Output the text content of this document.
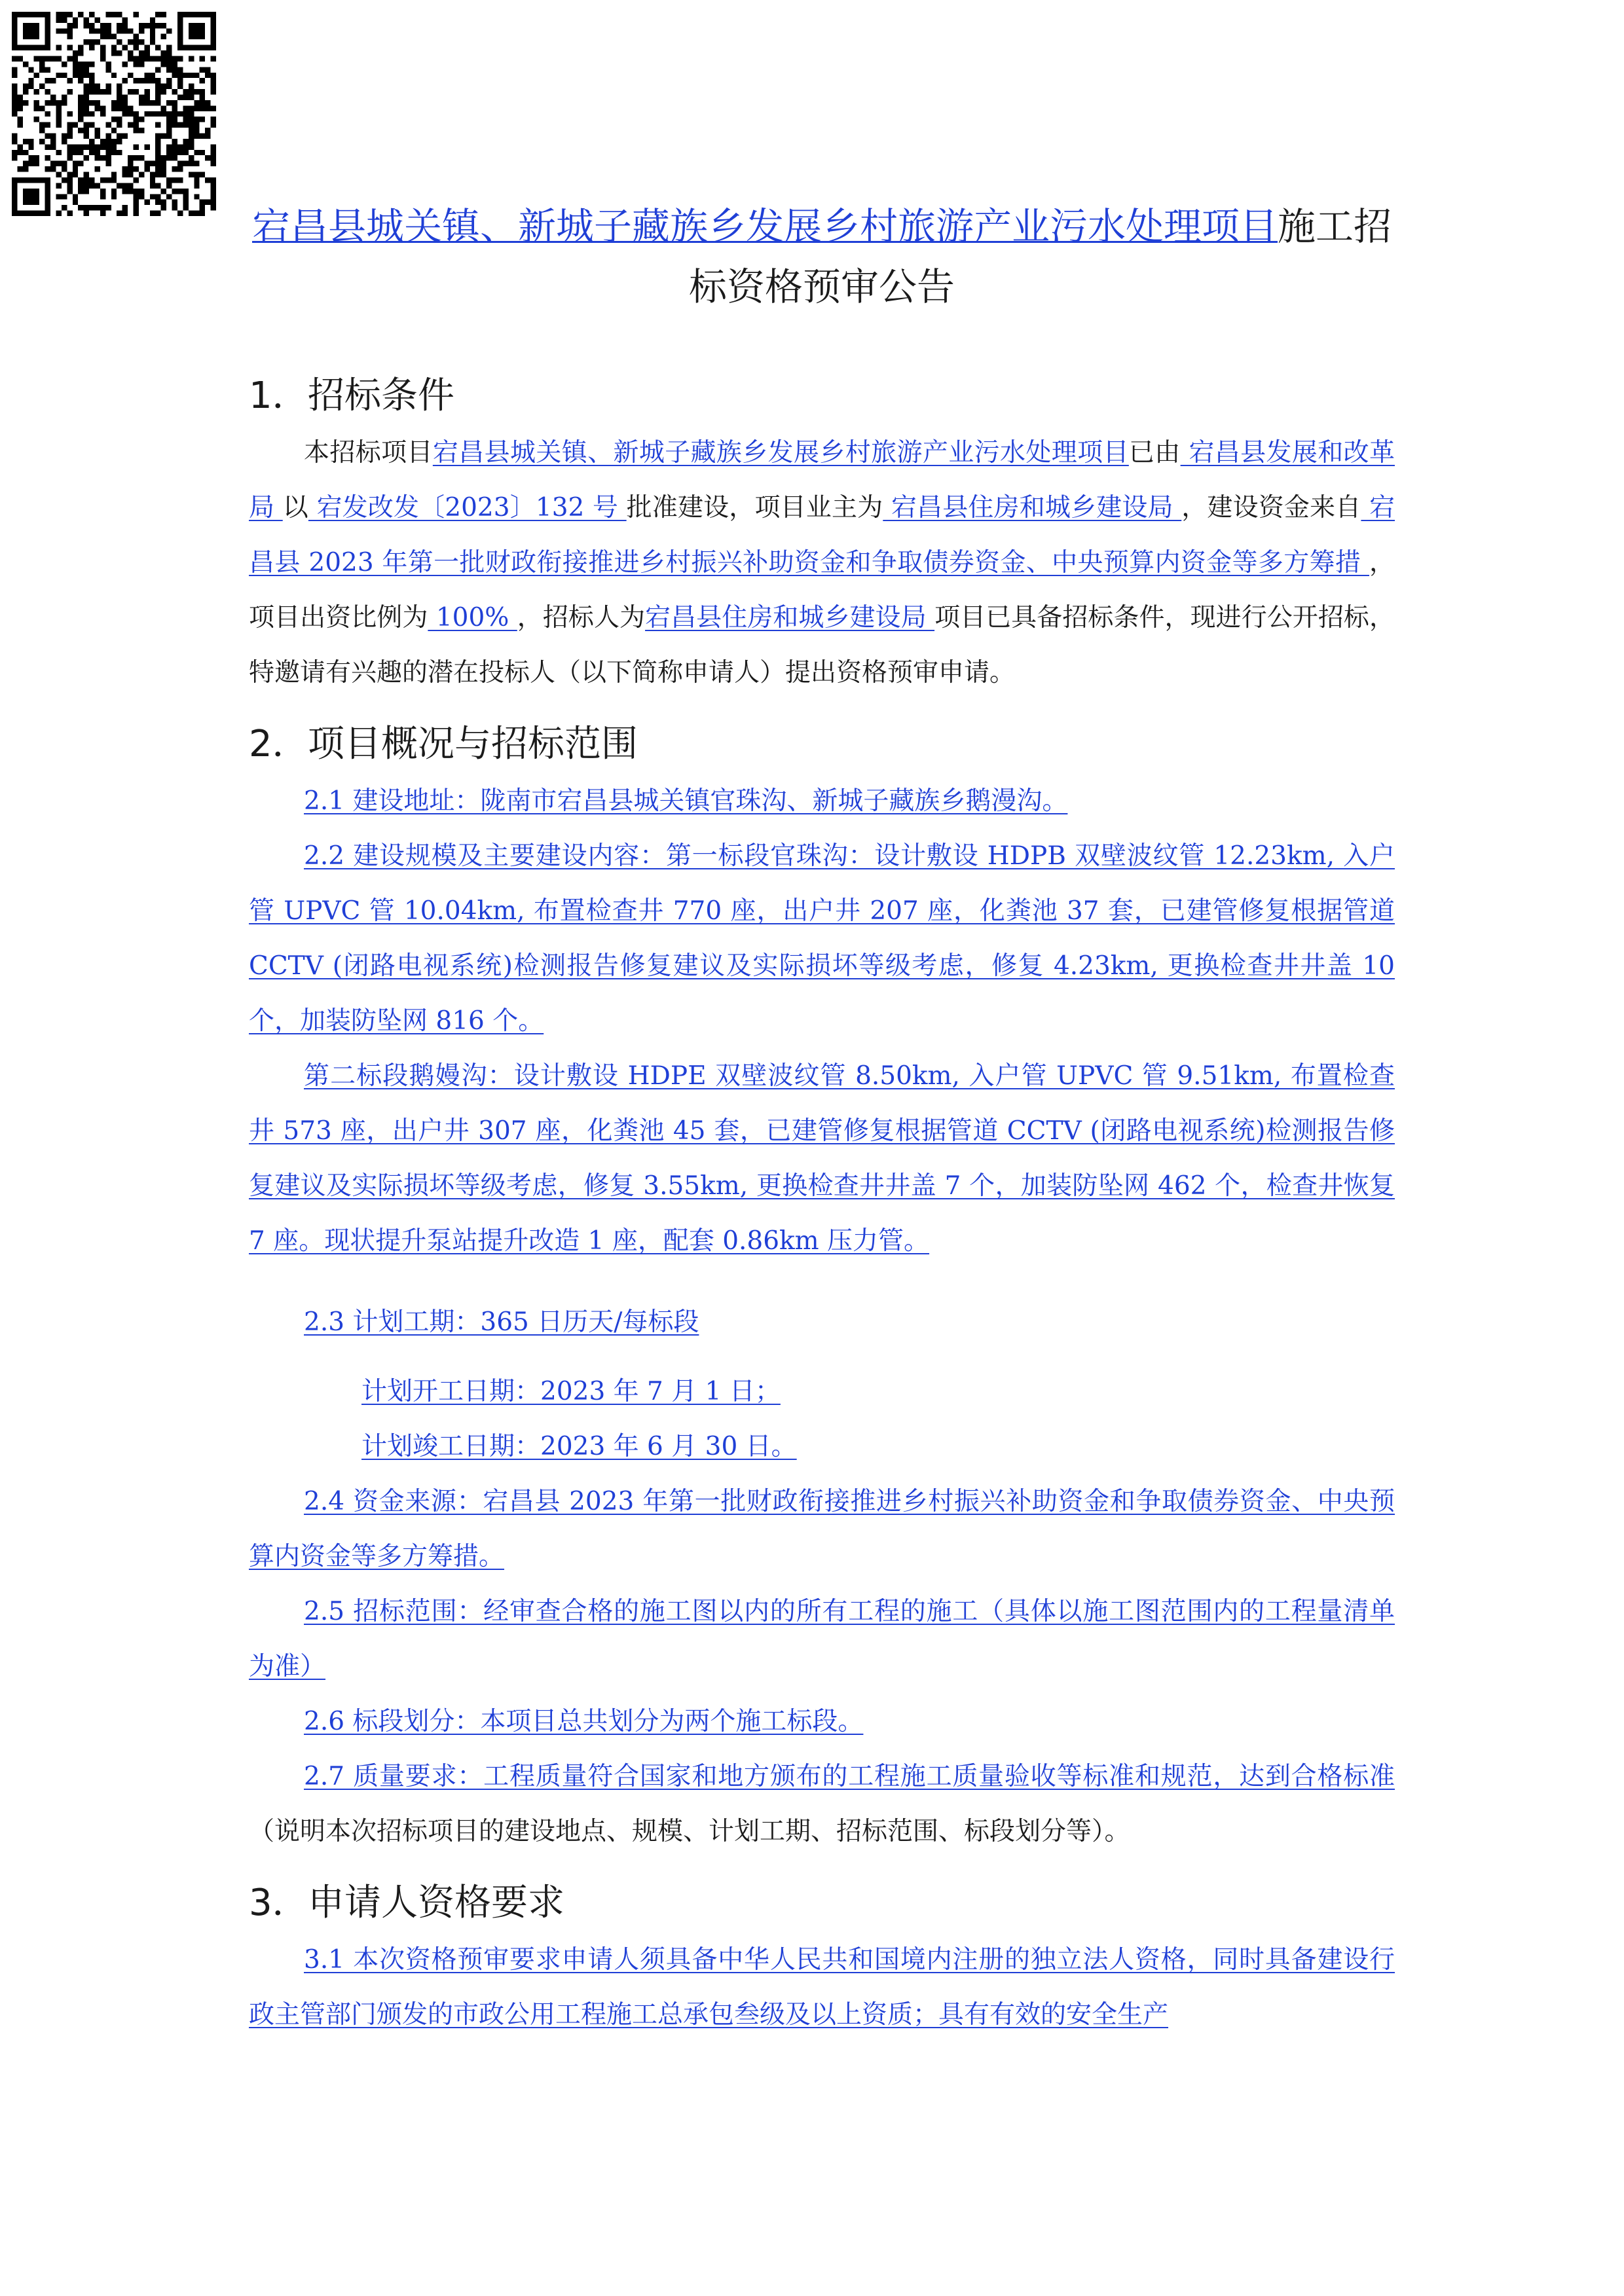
宕昌县城关镇、新城子藏族乡发展乡村旅游产业污水处理项目施工招标资格预审公告
1．招标条件

本招标项目宕昌县城关镇、新城子藏族乡发展乡村旅游产业污水处理项目已由 宕昌县发展和改革局 以 宕发改发〔2023〕132 号 批准建设，项目业主为 宕昌县住房和城乡建设局 ，建设资金来自 宕昌县 2023 年第一批财政衔接推进乡村振兴补助资金和争取债券资金、中央预算内资金等多方筹措 ，项目出资比例为 100% ，招标人为宕昌县住房和城乡建设局 项目已具备招标条件，现进行公开招标，特邀请有兴趣的潜在投标人（以下简称申请人）提出资格预审申请。

2．项目概况与招标范围

2.1 建设地址：陇南市宕昌县城关镇官珠沟、新城子藏族乡鹅漫沟。

2.2 建设规模及主要建设内容：第一标段官珠沟：设计敷设 HDPB 双壁波纹管 12.23km, 入户 管 UPVC 管 10.04km, 布置检查井 770 座，出户井 207 座，化粪池 37 套，已建管修复根据管道 CCTV (闭路电视系统)检测报告修复建议及实际损坏等级考虑，修复 4.23km, 更换检查井井盖 10 个，加装防坠网 816 个。

第二标段鹅嫚沟：设计敷设 HDPE 双壁波纹管 8.50km, 入户管 UPVC 管 9.51km, 布置检查井 573 座，出户井 307 座，化粪池 45 套，已建管修复根据管道 CCTV (闭路电视系统)检测报告修 复建议及实际损坏等级考虑，修复 3.55km, 更换检查井井盖 7 个，加装防坠网 462 个，检查井恢复 7 座。现状提升泵站提升改造 1 座，配套 0.86km 压力管。

2.3 计划工期：365 日历天/每标段

计划开工日期：2023 年 7 月 1 日；

计划竣工日期：2023 年 6 月 30 日。

2.4 资金来源：宕昌县 2023 年第一批财政衔接推进乡村振兴补助资金和争取债券资金、中央预算内资金等多方筹措。

2.5 招标范围：经审查合格的施工图以内的所有工程的施工（具体以施工图范围内的工程量清单为准）

2.6 标段划分：本项目总共划分为两个施工标段。

2.7 质量要求：工程质量符合国家和地方颁布的工程施工质量验收等标准和规范，达到合格标准 （说明本次招标项目的建设地点、规模、计划工期、招标范围、标段划分等）。

3．申请人资格要求

3.1 本次资格预审要求申请人须具备中华人民共和国境内注册的独立法人资格，同时具备建设行政主管部门颁发的市政公用工程施工总承包叁级及以上资质；具有有效的安全生产
